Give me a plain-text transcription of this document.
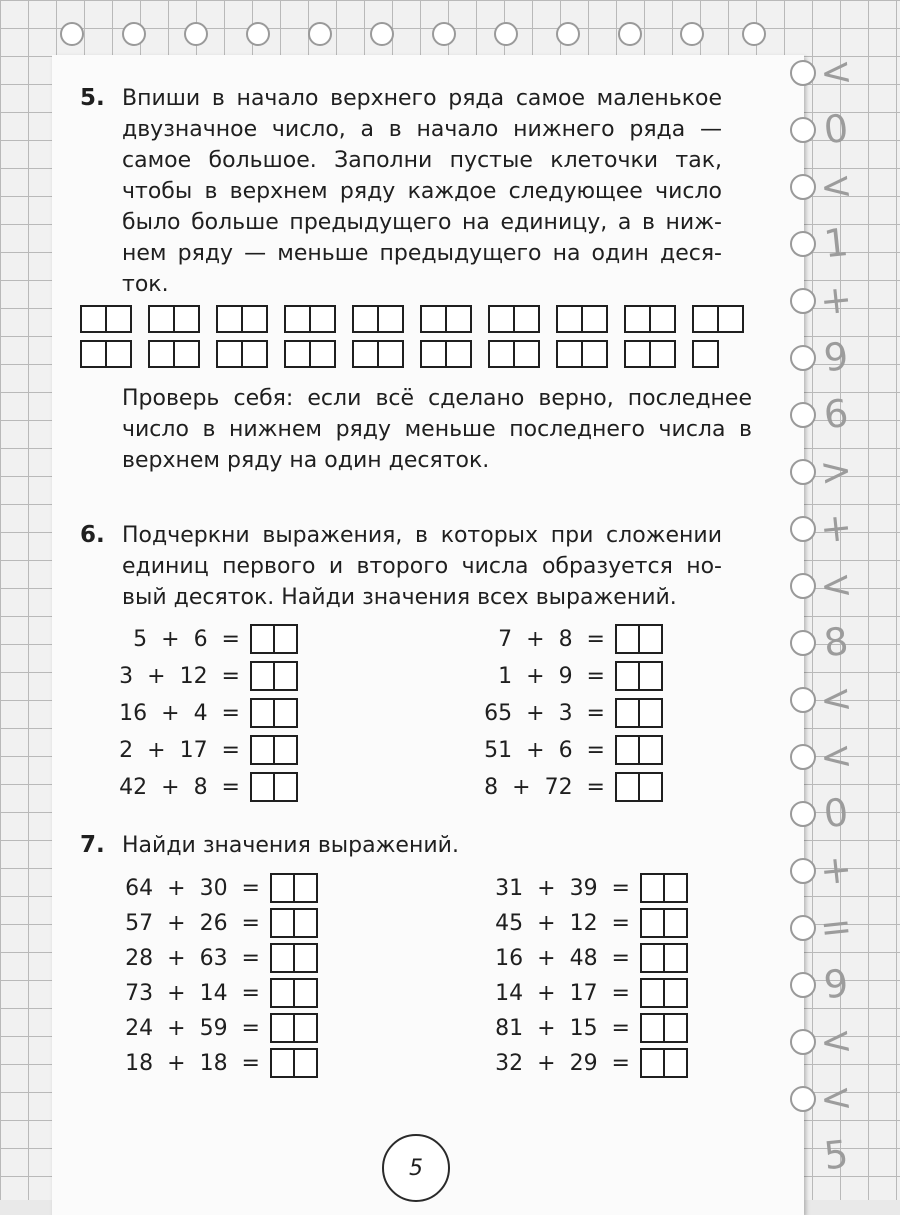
<
0
<
1
+
9
6
>
+
<
8
<
<
0
+
=
9
<
<
5
5. Впиши в начало верхнего ряда самое маленькое
двузначное число, а в начало нижнего ряда —
самое большое. Заполни пустые клеточки так,
чтобы в верхнем ряду каждое следующее число
было больше предыдущего на единицу, а в ниж-
нем ряду — меньше предыдущего на один деся-
ток.
Проверь себя: если всё сделано верно, последнее
число в нижнем ряду меньше последнего числа в
верхнем ряду на один десяток.
6. Подчеркни выражения, в которых при сложении
единиц первого и второго числа образуется но-
вый десяток. Найди значения всех выражений.
5  +  6  =
3  +  12  =
16  +  4  =
2  +  17  =
42  +  8  =
7  +  8  =
1  +  9  =
65  +  3  =
51  +  6  =
8  +  72  =
7. Найди значения выражений.
64  +  30  =
57  +  26  =
28  +  63  =
73  +  14  =
24  +  59  =
18  +  18  =
31  +  39  =
45  +  12  =
16  +  48  =
14  +  17  =
81  +  15  =
32  +  29  =
5
